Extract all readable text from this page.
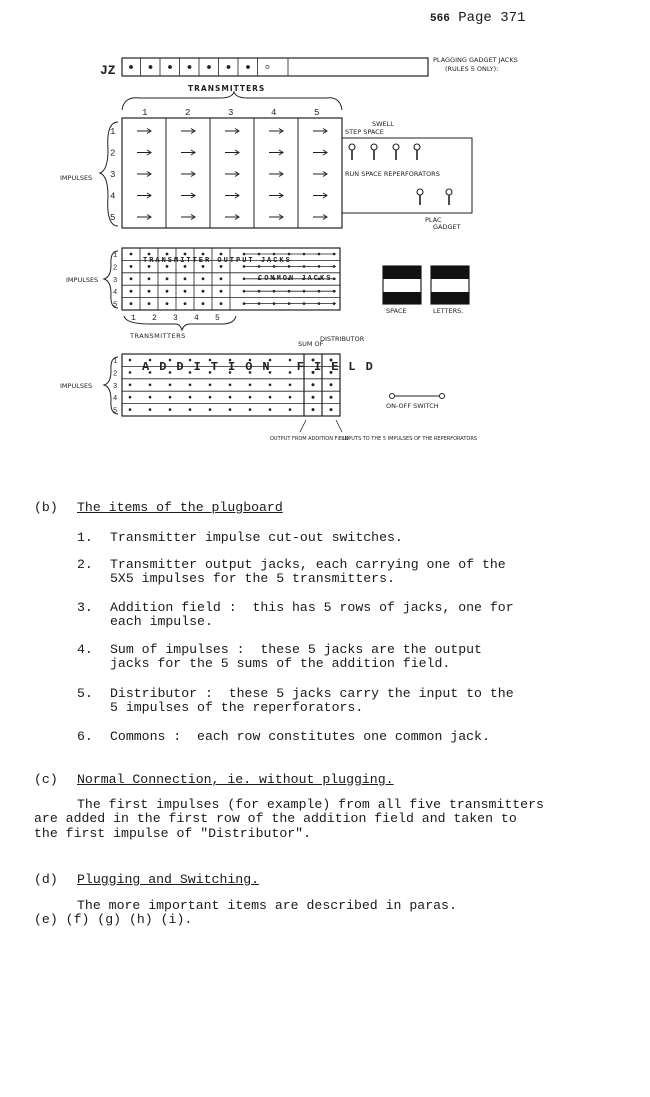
566 Page 371
JZ
PLAGGING GADGET JACKS
(RULES 5 ONLY):
TRANSMITTERS
1	2	3	4	5
1
2
3
4
5
IMPULSES
SWELL
STEP SPACE
RUN SPACE REPERFORATORS
PLAC
GADGET
1
2
3
4
5
TRANSMITTER OUTPUT JACKS
COMMON JACKS
IMPULSES
1 2 3 4 5
TRANSMITTERS
SPACE	LETTERS.
SUM OF
DISTRIBUTOR
1
2
3
4
5
ADDITION FIELD
IMPULSES
OUTPUT FROM ADDITION FIELD
INPUTS TO THE 5 IMPULSES OF THE REPERFORATORS
ON-OFF SWITCH
(b) The items of the plugboard
1. Transmitter impulse cut-out switches.
2. Transmitter output jacks, each carrying one of the
5X5 impulses for the 5 transmitters.
3. Addition field :  this has 5 rows of jacks, one for
each impulse.
4. Sum of impulses :  these 5 jacks are the output
jacks for the 5 sums of the addition field.
5. Distributor :  these 5 jacks carry the input to the
5 impulses of the reperforators.
6. Commons :  each row constitutes one common jack.
(c) Normal Connection, ie. without plugging.
The first impulses (for example) from all five transmitters
are added in the first row of the addition field and taken to
the first impulse of "Distributor".
(d) Plugging and Switching.
The more important items are described in paras.
(e) (f) (g) (h) (i).
